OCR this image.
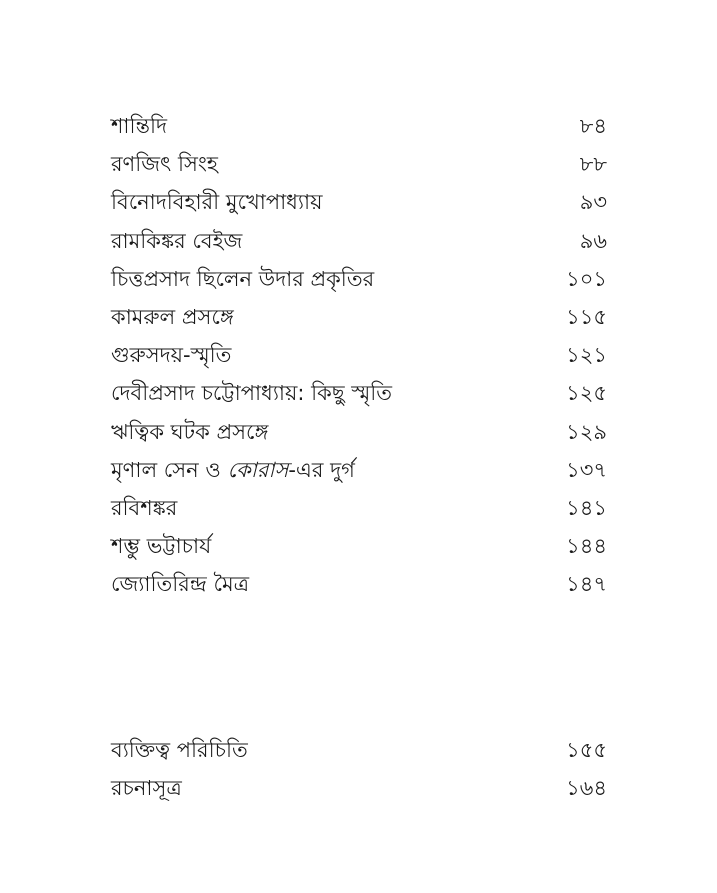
শান্তিদি	৮৪
রণজিৎ সিংহ	৮৮
বিনোদবিহারী মুখোপাধ্যায়	৯৩
রামকিঙ্কর বেইজ	৯৬
চিত্তপ্রসাদ ছিলেন উদার প্রকৃতির	১০১
কামরুল প্রসঙ্গে	১১৫
গুরুসদয়-স্মৃতি	১২১
দেবীপ্রসাদ চট্টোপাধ্যায়: কিছু স্মৃতি	১২৫
ঋত্বিক ঘটক প্রসঙ্গে	১২৯
মৃণাল সেন ও কোরাস-এর দুর্গ	১৩৭
রবিশঙ্কর	১৪১
শম্ভু ভট্টাচার্য	১৪৪
জ্যোতিরিন্দ্র মৈত্র	১৪৭
ব্যক্তিত্ব পরিচিতি	১৫৫
রচনাসূত্র	১৬৪
